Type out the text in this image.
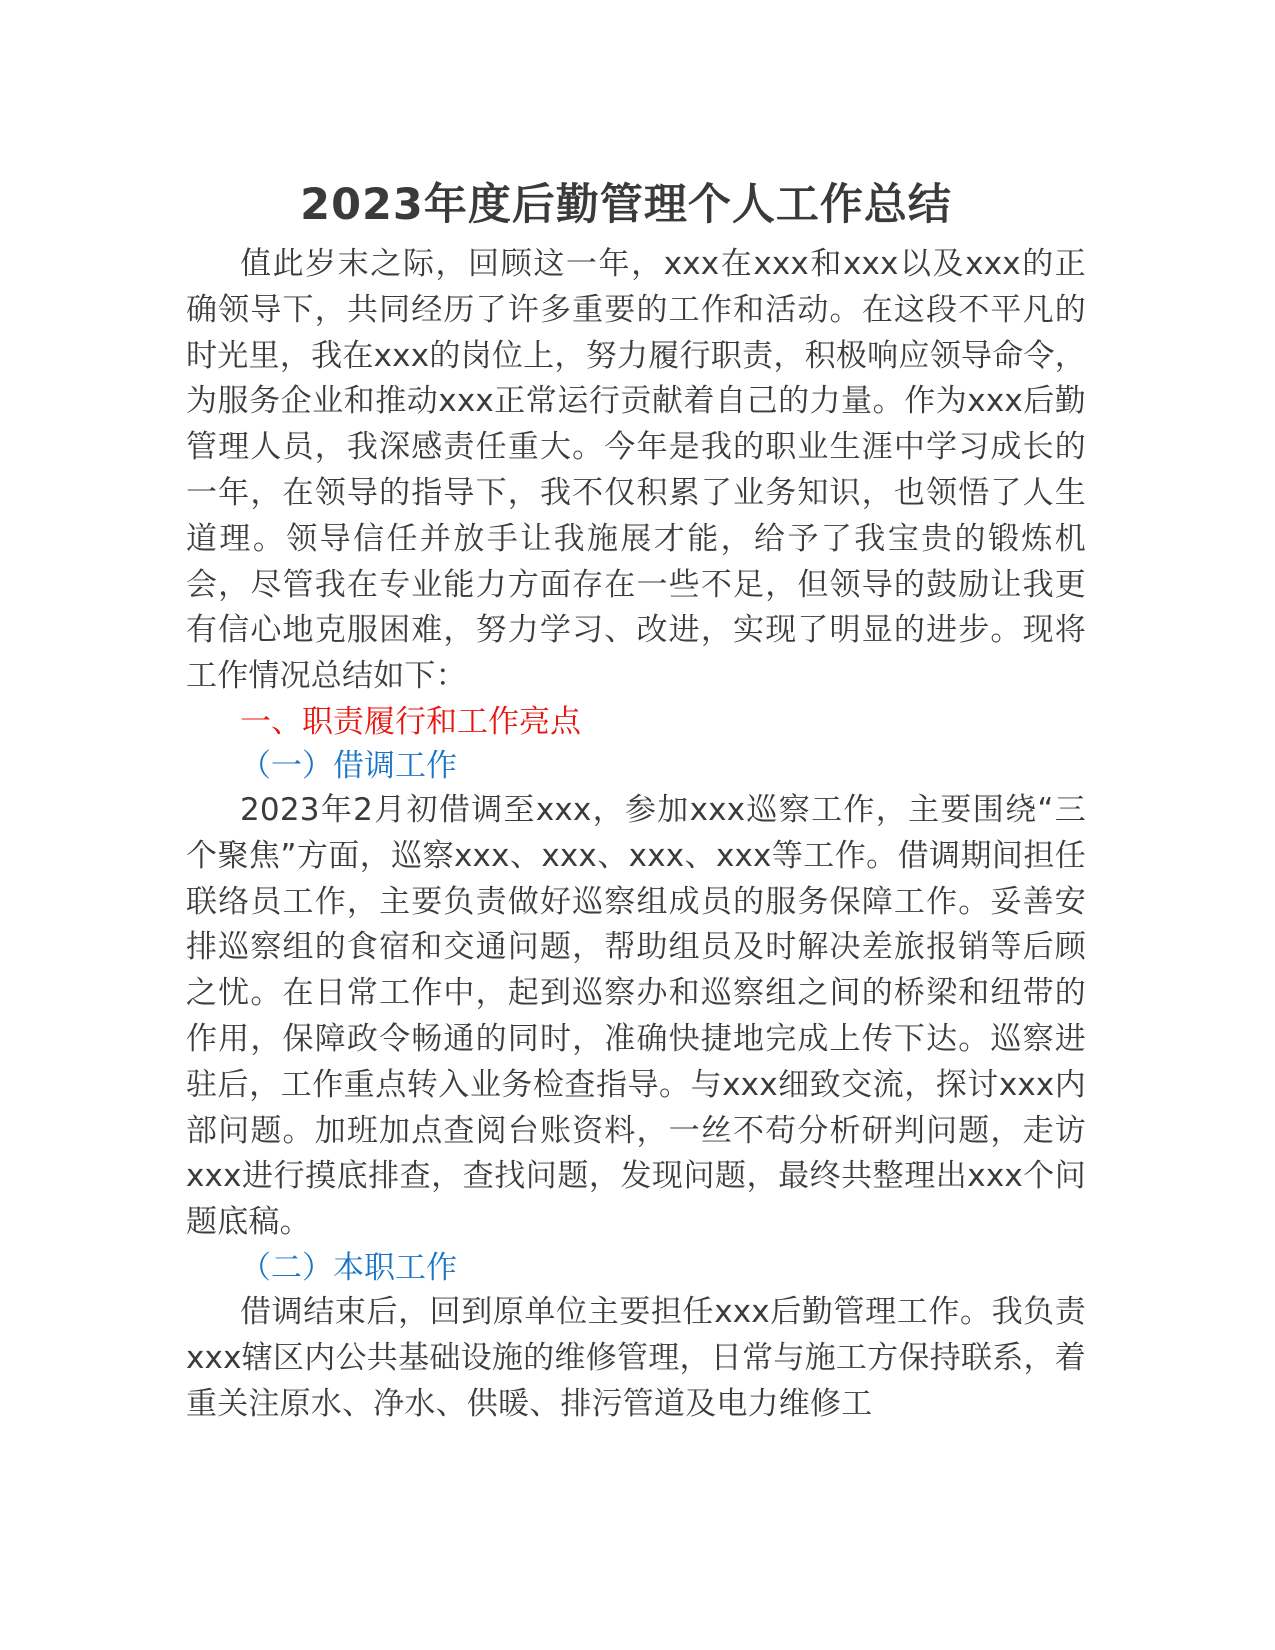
2023年度后勤管理个人工作总结

值此岁末之际，回顾这一年，xxx在xxx和xxx以及xxx的正确领导下，共同经历了许多重要的工作和活动。在这段不平凡的时光里，我在xxx的岗位上，努力履行职责，积极响应领导命令，为服务企业和推动xxx正常运行贡献着自己的力量。作为xxx后勤管理人员，我深感责任重大。今年是我的职业生涯中学习成长的一年，在领导的指导下，我不仅积累了业务知识，也领悟了人生道理。领导信任并放手让我施展才能，给予了我宝贵的锻炼机会，尽管我在专业能力方面存在一些不足，但领导的鼓励让我更有信心地克服困难，努力学习、改进，实现了明显的进步。现将工作情况总结如下：

一、职责履行和工作亮点
（一）借调工作

2023年2月初借调至xxx，参加xxx巡察工作，主要围绕“三个聚焦”方面，巡察xxx、xxx、xxx、xxx等工作。借调期间担任联络员工作，主要负责做好巡察组成员的服务保障工作。妥善安排巡察组的食宿和交通问题，帮助组员及时解决差旅报销等后顾之忧。在日常工作中，起到巡察办和巡察组之间的桥梁和纽带的作用，保障政令畅通的同时，准确快捷地完成上传下达。巡察进驻后，工作重点转入业务检查指导。与xxx细致交流，探讨xxx内部问题。加班加点查阅台账资料，一丝不苟分析研判问题，走访xxx进行摸底排查，查找问题，发现问题，最终共整理出xxx个问题底稿。

（二）本职工作

借调结束后，回到原单位主要担任xxx后勤管理工作。我负责xxx辖区内公共基础设施的维修管理，日常与施工方保持联系，着重关注原水、净水、供暖、排污管道及电力维修工
